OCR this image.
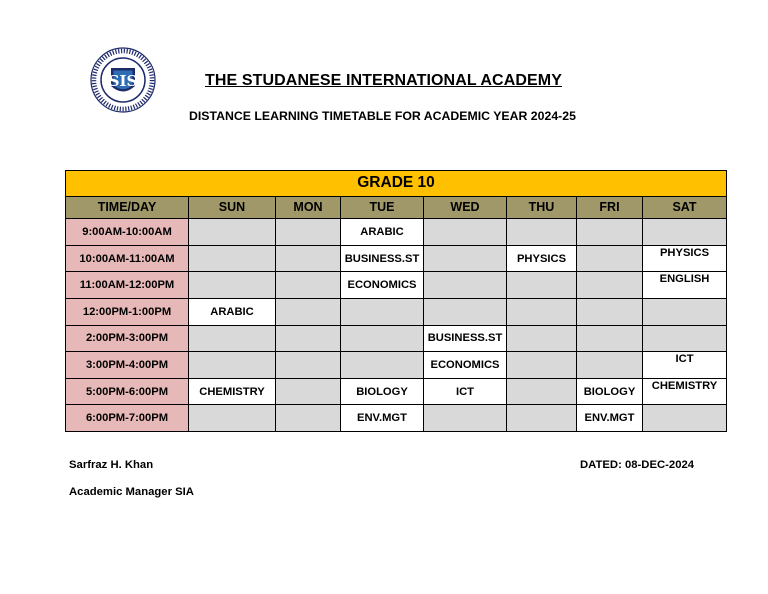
SIS	THE STUDANESE INTERNATIONAL ACADEMY
DISTANCE LEARNING TIMETABLE FOR ACADEMIC YEAR 2024-25
GRADE 10							
TIME/DAY	SUN	MON	TUE	WED	THU	FRI	SAT
9:00AM-10:00AM			ARABIC				
10:00AM-11:00AM			BUSINESS.ST		PHYSICS		PHYSICS
11:00AM-12:00PM			ECONOMICS				ENGLISH
12:00PM-1:00PM	ARABIC						
2:00PM-3:00PM				BUSINESS.ST			
3:00PM-4:00PM				ECONOMICS			ICT
5:00PM-6:00PM	CHEMISTRY		BIOLOGY	ICT		BIOLOGY	CHEMISTRY
6:00PM-7:00PM			ENV.MGT			ENV.MGT	
Sarfraz H. Khan
Academic Manager SIA
DATED: 08-DEC-2024
